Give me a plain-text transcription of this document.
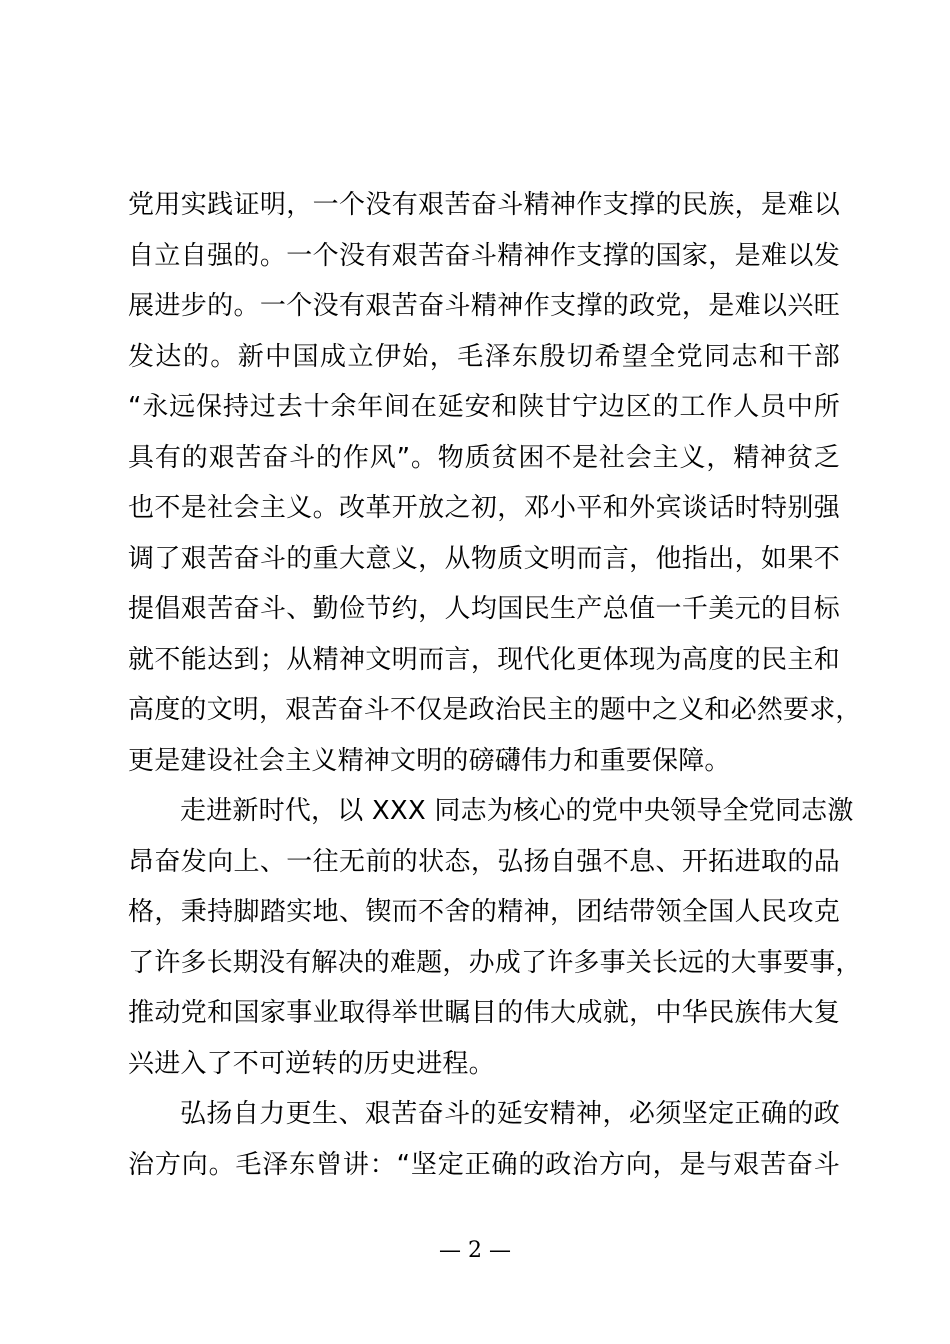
党用实践证明，一个没有艰苦奋斗精神作支撑的民族，是难以
自立自强的。一个没有艰苦奋斗精神作支撑的国家，是难以发
展进步的。一个没有艰苦奋斗精神作支撑的政党，是难以兴旺
发达的。新中国成立伊始，毛泽东殷切希望全党同志和干部
“永远保持过去十余年间在延安和陕甘宁边区的工作人员中所
具有的艰苦奋斗的作风”。物质贫困不是社会主义，精神贫乏
也不是社会主义。改革开放之初，邓小平和外宾谈话时特别强
调了艰苦奋斗的重大意义，从物质文明而言，他指出，如果不
提倡艰苦奋斗、勤俭节约，人均国民生产总值一千美元的目标
就不能达到；从精神文明而言，现代化更体现为高度的民主和
高度的文明，艰苦奋斗不仅是政治民主的题中之义和必然要求，
更是建设社会主义精神文明的磅礴伟力和重要保障。
走进新时代，以 XXX 同志为核心的党中央领导全党同志激
昂奋发向上、一往无前的状态，弘扬自强不息、开拓进取的品
格，秉持脚踏实地、锲而不舍的精神，团结带领全国人民攻克
了许多长期没有解决的难题，办成了许多事关长远的大事要事，
推动党和国家事业取得举世瞩目的伟大成就，中华民族伟大复
兴进入了不可逆转的历史进程。
弘扬自力更生、艰苦奋斗的延安精神，必须坚定正确的政
治方向。毛泽东曾讲：“坚定正确的政治方向，是与艰苦奋斗
— 2 —
